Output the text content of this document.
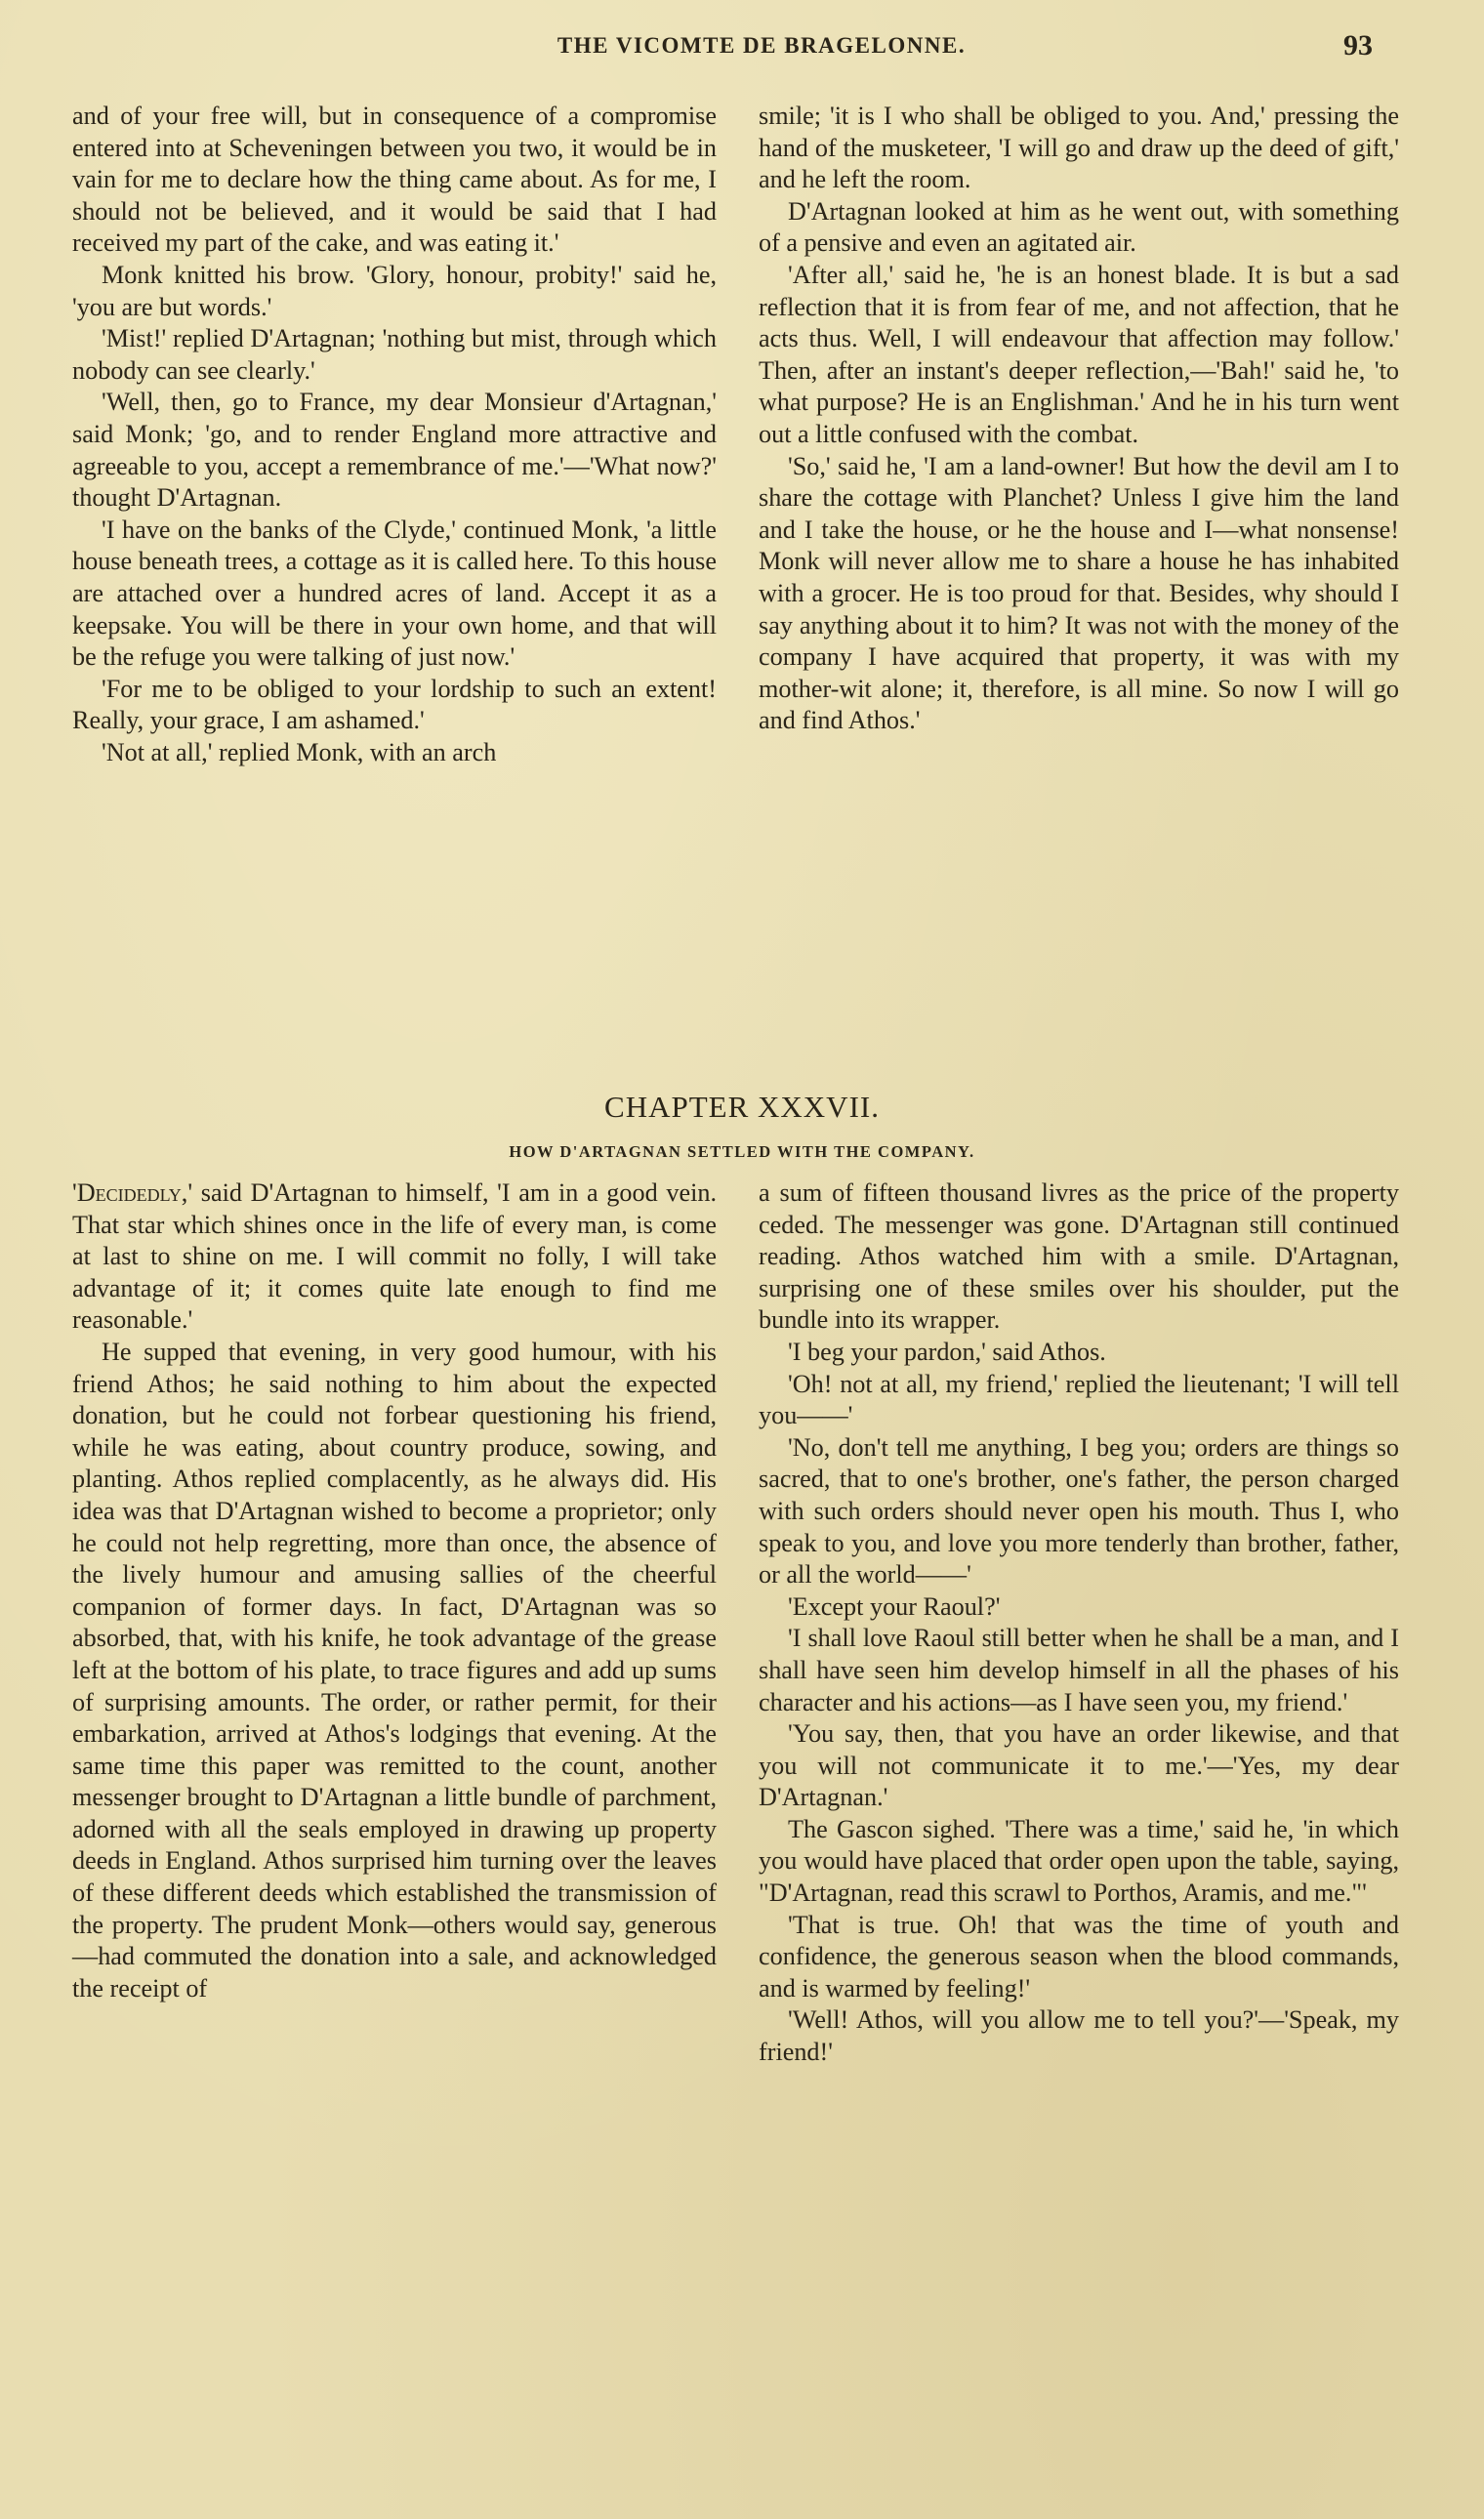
THE VICOMTE DE BRAGELONNE.	93

and of your free will, but in consequence of a compromise entered into at Scheveningen between you two, it would be in vain for me to declare how the thing came about. As for me, I should not be believed, and it would be said that I had received my part of the cake, and was eating it.'

Monk knitted his brow. 'Glory, honour, probity!' said he, 'you are but words.'

'Mist!' replied D'Artagnan; 'nothing but mist, through which nobody can see clearly.'

'Well, then, go to France, my dear Monsieur d'Artagnan,' said Monk; 'go, and to render England more attractive and agreeable to you, accept a remembrance of me.'—'What now?' thought D'Artagnan.

'I have on the banks of the Clyde,' continued Monk, 'a little house beneath trees, a cottage as it is called here. To this house are attached over a hundred acres of land. Accept it as a keepsake. You will be there in your own home, and that will be the refuge you were talking of just now.'

'For me to be obliged to your lordship to such an extent! Really, your grace, I am ashamed.'

'Not at all,' replied Monk, with an arch

smile; 'it is I who shall be obliged to you. And,' pressing the hand of the musketeer, 'I will go and draw up the deed of gift,' and he left the room.

D'Artagnan looked at him as he went out, with something of a pensive and even an agitated air.

'After all,' said he, 'he is an honest blade. It is but a sad reflection that it is from fear of me, and not affection, that he acts thus. Well, I will endeavour that affection may follow.' Then, after an instant's deeper reflection,—'Bah!' said he, 'to what purpose? He is an Englishman.' And he in his turn went out a little confused with the combat.

'So,' said he, 'I am a land-owner! But how the devil am I to share the cottage with Planchet? Unless I give him the land and I take the house, or he the house and I—what nonsense! Monk will never allow me to share a house he has inhabited with a grocer. He is too proud for that. Besides, why should I say anything about it to him? It was not with the money of the company I have acquired that property, it was with my mother-wit alone; it, therefore, is all mine. So now I will go and find Athos.'

CHAPTER XXXVII.
HOW D'ARTAGNAN SETTLED WITH THE COMPANY.

'Decidedly,' said D'Artagnan to himself, 'I am in a good vein. That star which shines once in the life of every man, is come at last to shine on me. I will commit no folly, I will take advantage of it; it comes quite late enough to find me reasonable.'

He supped that evening, in very good humour, with his friend Athos; he said nothing to him about the expected donation, but he could not forbear questioning his friend, while he was eating, about country produce, sowing, and planting. Athos replied complacently, as he always did. His idea was that D'Artagnan wished to become a proprietor; only he could not help regretting, more than once, the absence of the lively humour and amusing sallies of the cheerful companion of former days. In fact, D'Artagnan was so absorbed, that, with his knife, he took advantage of the grease left at the bottom of his plate, to trace figures and add up sums of surprising amounts. The order, or rather permit, for their embarkation, arrived at Athos's lodgings that evening. At the same time this paper was remitted to the count, another messenger brought to D'Artagnan a little bundle of parchment, adorned with all the seals employed in drawing up property deeds in England. Athos surprised him turning over the leaves of these different deeds which established the transmission of the property. The prudent Monk—others would say, generous—had commuted the donation into a sale, and acknowledged the receipt of

a sum of fifteen thousand livres as the price of the property ceded. The messenger was gone. D'Artagnan still continued reading. Athos watched him with a smile. D'Artagnan, surprising one of these smiles over his shoulder, put the bundle into its wrapper.

'I beg your pardon,' said Athos.

'Oh! not at all, my friend,' replied the lieutenant; 'I will tell you——'

'No, don't tell me anything, I beg you; orders are things so sacred, that to one's brother, one's father, the person charged with such orders should never open his mouth. Thus I, who speak to you, and love you more tenderly than brother, father, or all the world——'

'Except your Raoul?'

'I shall love Raoul still better when he shall be a man, and I shall have seen him develop himself in all the phases of his character and his actions—as I have seen you, my friend.'

'You say, then, that you have an order likewise, and that you will not communicate it to me.'—'Yes, my dear D'Artagnan.'

The Gascon sighed. 'There was a time,' said he, 'in which you would have placed that order open upon the table, saying, "D'Artagnan, read this scrawl to Porthos, Aramis, and me."'

'That is true. Oh! that was the time of youth and confidence, the generous season when the blood commands, and is warmed by feeling!'

'Well! Athos, will you allow me to tell you?'—'Speak, my friend!'
